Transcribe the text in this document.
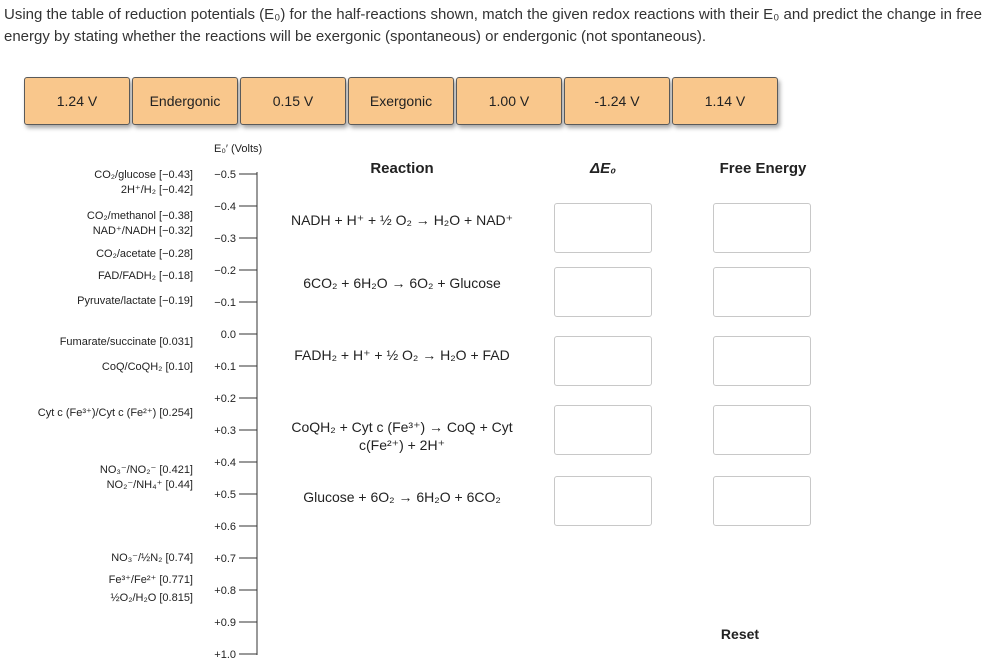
Using the table of reduction potentials (E₀) for the half-reactions shown, match the given redox reactions with their E₀ and predict the change in free energy by stating whether the reactions will be exergonic (spontaneous) or endergonic (not spontaneous).
1.24 V	Endergonic	0.15 V	Exergonic	1.00 V	-1.24 V	1.14 V
E₀′ (Volts)
−0.5
−0.4
−0.3
−0.2
−0.1
0.0
+0.1
+0.2
+0.3
+0.4
+0.5
+0.6
+0.7
+0.8
+0.9
+1.0
CO₂/glucose [−0.43]
2H⁺/H₂ [−0.42]
CO₂/methanol [−0.38]
NAD⁺/NADH [−0.32]
CO₂/acetate [−0.28]
FAD/FADH₂ [−0.18]
Pyruvate/lactate [−0.19]
Fumarate/succinate [0.031]
CoQ/CoQH₂ [0.10]
Cyt c (Fe³⁺)/Cyt c (Fe²⁺) [0.254]
NO₃⁻/NO₂⁻ [0.421]
NO₂⁻/NH₄⁺ [0.44]
NO₃⁻/½N₂ [0.74]
Fe³⁺/Fe²⁺ [0.771]
½O₂/H₂O [0.815]
Reaction	ΔE₀	Free Energy
NADH + H⁺ + ½ O₂ → H₂O + NAD⁺
6CO₂ + 6H₂O → 6O₂ + Glucose
FADH₂ + H⁺ + ½ O₂ → H₂O + FAD
CoQH₂ + Cyt c (Fe³⁺) → CoQ + Cyt
c(Fe²⁺) + 2H⁺
Glucose + 6O₂ → 6H₂O + 6CO₂
Reset
